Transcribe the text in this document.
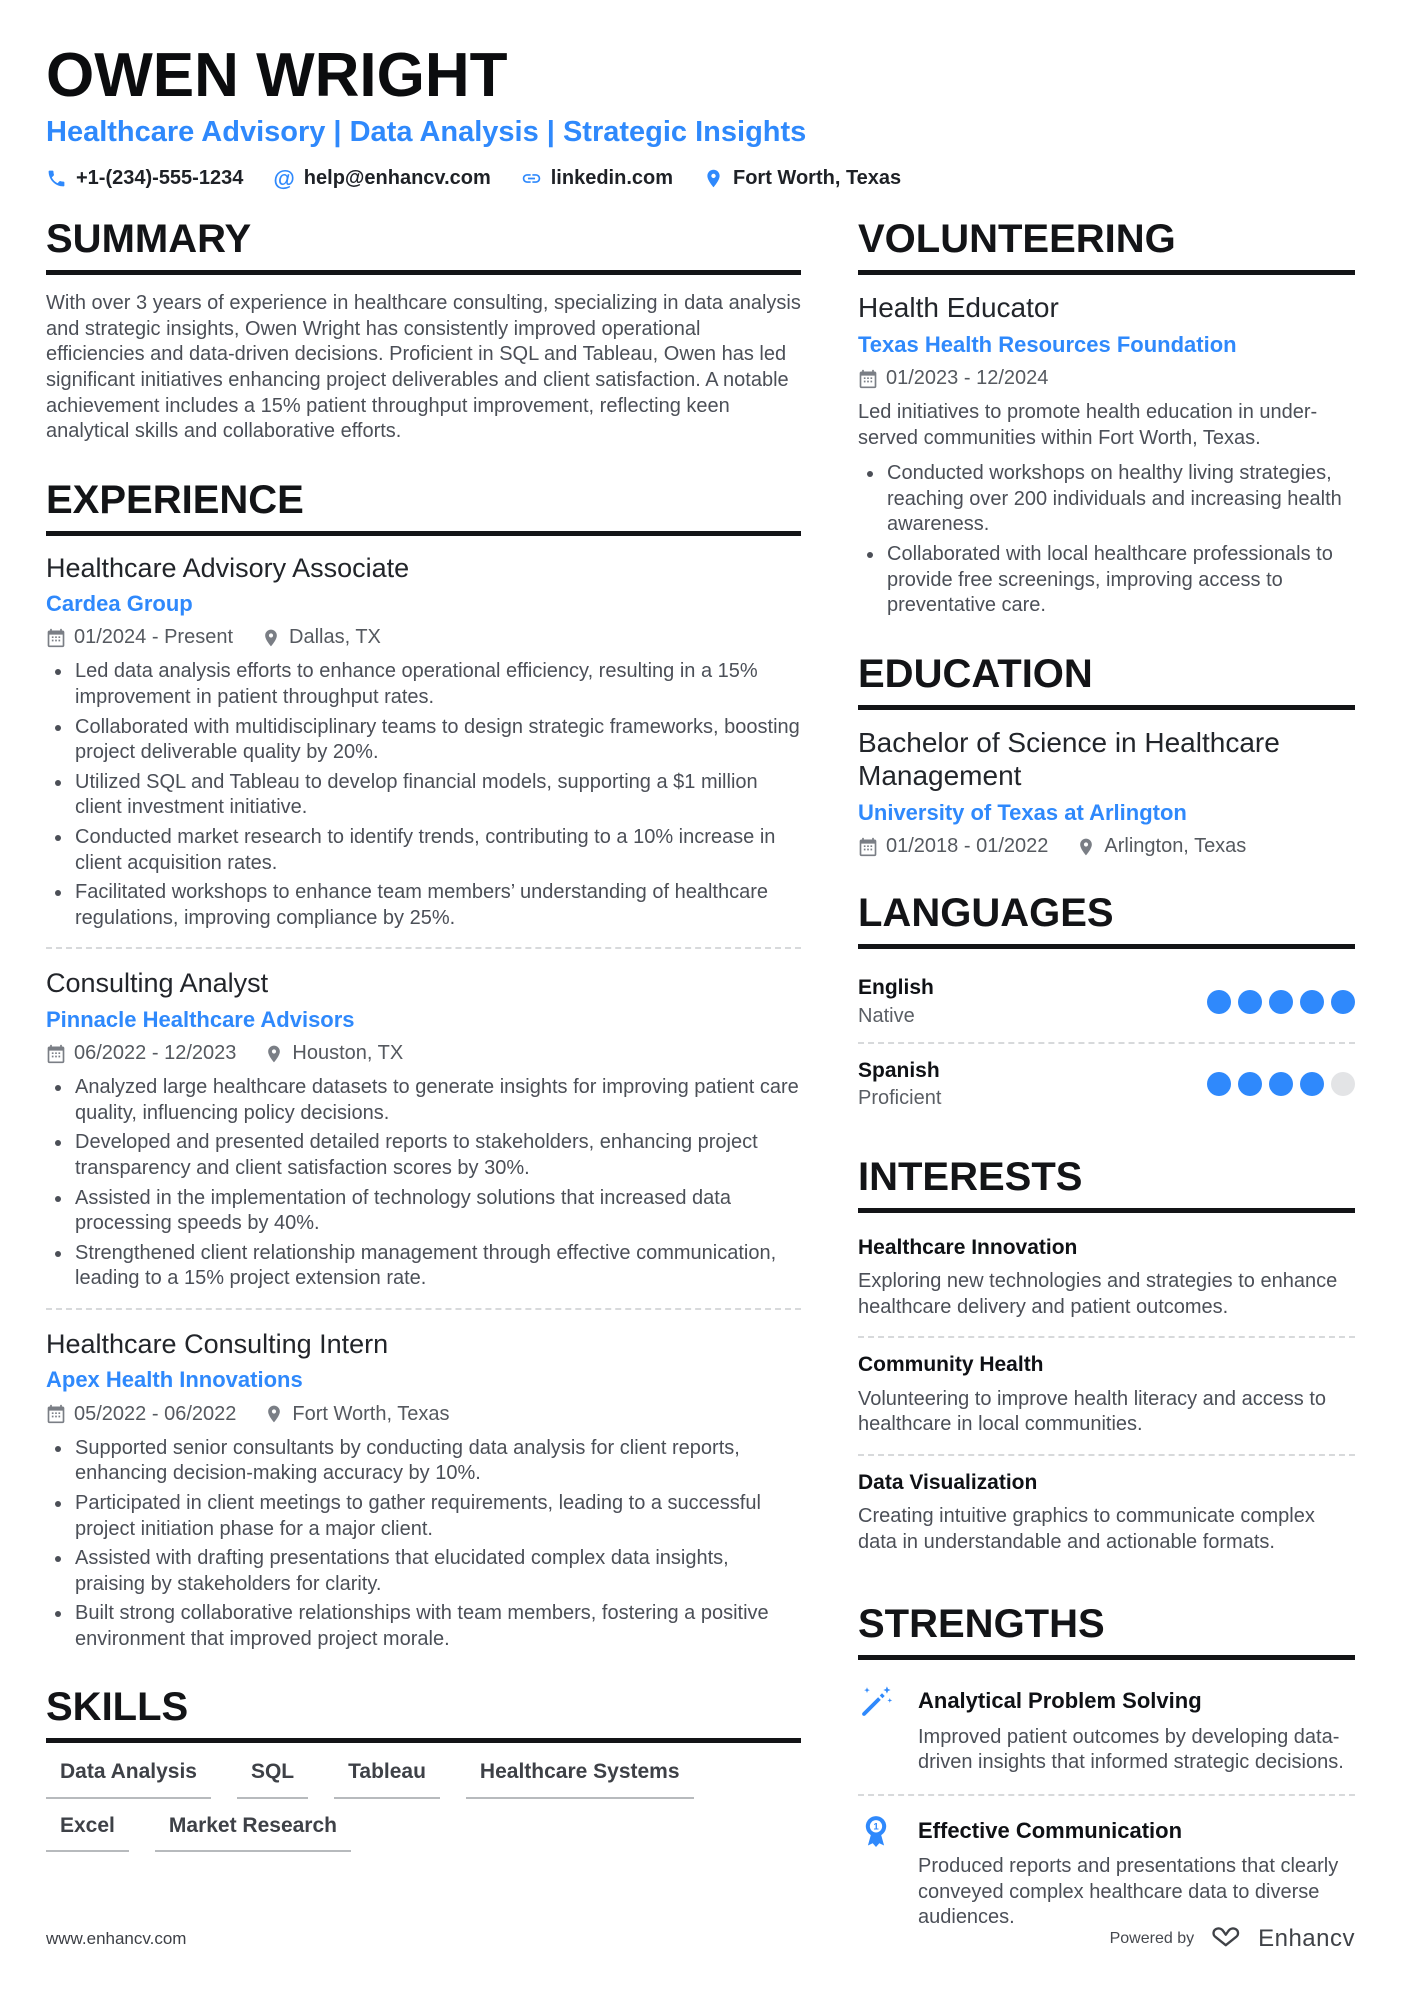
OWEN WRIGHT
Healthcare Advisory | Data Analysis | Strategic Insights
+1-(234)-555-1234 @ help@enhancv.com	linkedin.com	Fort Worth, Texas
SUMMARY

With over 3 years of experience in healthcare consulting, specializing in data analysis and strategic insights, Owen Wright has consistently improved operational efficiencies and data-driven decisions. Proficient in SQL and Tableau, Owen has led significant initiatives enhancing project deliverables and client satisfaction. A notable achievement includes a 15% patient throughput improvement, reflecting keen analytical skills and collaborative efforts.

EXPERIENCE
Healthcare Advisory Associate
Cardea Group
01/2024 - Present	Dallas, TX
• Led data analysis efforts to enhance operational efficiency, resulting in a 15% improvement in patient throughput rates.
• Collaborated with multidisciplinary teams to design strategic frameworks, boosting project deliverable quality by 20%.
• Utilized SQL and Tableau to develop financial models, supporting a $1 million client investment initiative.
• Conducted market research to identify trends, contributing to a 10% increase in client acquisition rates.
• Facilitated workshops to enhance team members’ understanding of healthcare regulations, improving compliance by 25%.
Consulting Analyst
Pinnacle Healthcare Advisors
06/2022 - 12/2023	Houston, TX
• Analyzed large healthcare datasets to generate insights for improving patient care quality, influencing policy decisions.
• Developed and presented detailed reports to stakeholders, enhancing project transparency and client satisfaction scores by 30%.
• Assisted in the implementation of technology solutions that increased data processing speeds by 40%.
• Strengthened client relationship management through effective communication, leading to a 15% project extension rate.
Healthcare Consulting Intern
Apex Health Innovations
05/2022 - 06/2022	Fort Worth, Texas
• Supported senior consultants by conducting data analysis for client reports, enhancing decision-making accuracy by 10%.
• Participated in client meetings to gather requirements, leading to a successful project initiation phase for a major client.
• Assisted with drafting presentations that elucidated complex data insights, praising by stakeholders for clarity.
• Built strong collaborative relationships with team members, fostering a positive environment that improved project morale.
SKILLS
Data Analysis	SQL	Tableau	Healthcare Systems
Excel	Market Research
VOLUNTEERING
Health Educator
Texas Health Resources Foundation
01/2023 - 12/2024

Led initiatives to promote health education in under-served communities within Fort Worth, Texas.

• Conducted workshops on healthy living strategies, reaching over 200 individuals and increasing health awareness.
• Collaborated with local healthcare professionals to provide free screenings, improving access to preventative care.
EDUCATION
Bachelor of Science in Healthcare Management
University of Texas at Arlington
01/2018 - 01/2022	Arlington, Texas
LANGUAGES
English
Native
Spanish
Proficient
INTERESTS
Healthcare Innovation

Exploring new technologies and strategies to enhance healthcare delivery and patient outcomes.

Community Health

Volunteering to improve health literacy and access to healthcare in local communities.

Data Visualization

Creating intuitive graphics to communicate complex data in understandable and actionable formats.

STRENGTHS
Analytical Problem Solving

Improved patient outcomes by developing data-driven insights that informed strategic decisions.

1 Effective Communication

Produced reports and presentations that clearly conveyed complex healthcare data to diverse audiences.

www.enhancv.com	Powered by	Enhancv
